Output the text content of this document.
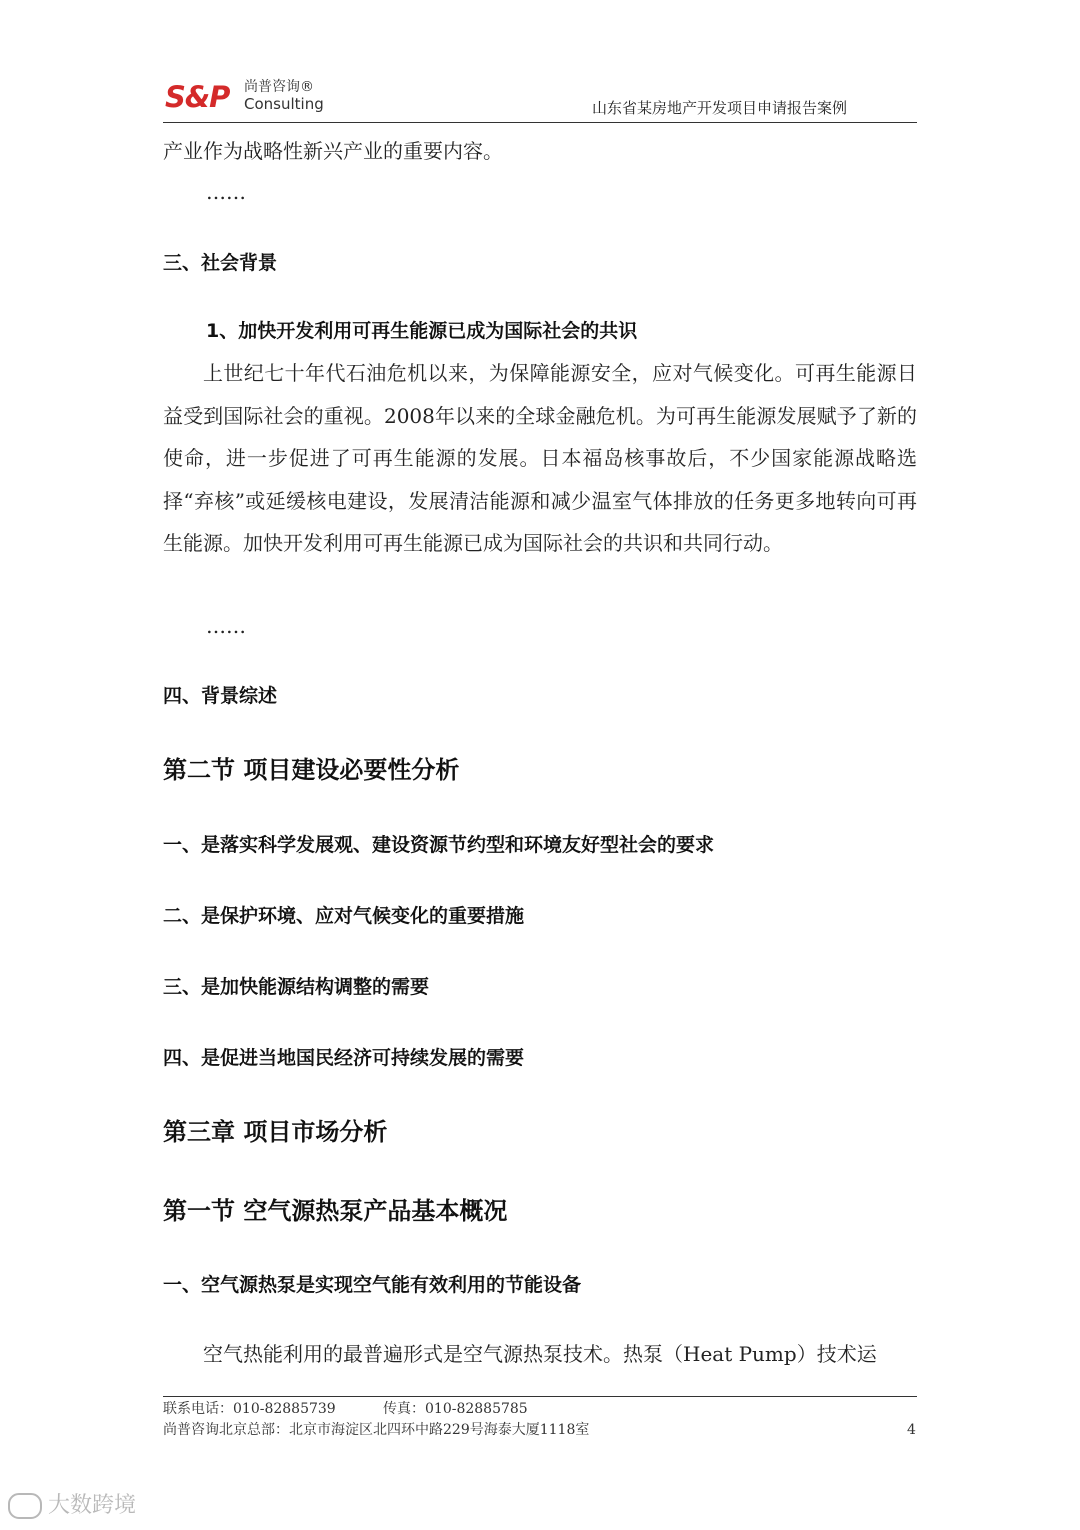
S&P 尚普咨询®
Consulting	山东省某房地产开发项目申请报告案例
产业作为战略性新兴产业的重要内容。
……
三、社会背景
1、加快开发利用可再生能源已成为国际社会的共识
上世纪七十年代石油危机以来，为保障能源安全，应对气候变化。可再生能源日益受到国际社会的重视。2008年以来的全球金融危机。为可再生能源发展赋予了新的使命，进一步促进了可再生能源的发展。日本福岛核事故后，不少国家能源战略选择“弃核”或延缓核电建设，发展清洁能源和减少温室气体排放的任务更多地转向可再生能源。加快开发利用可再生能源已成为国际社会的共识和共同行动。
……
四、背景综述
第二节 项目建设必要性分析
一、是落实科学发展观、建设资源节约型和环境友好型社会的要求
二、是保护环境、应对气候变化的重要措施
三、是加快能源结构调整的需要
四、是促进当地国民经济可持续发展的需要
第三章 项目市场分析
第一节 空气源热泵产品基本概况
一、空气源热泵是实现空气能有效利用的节能设备
空气热能利用的最普遍形式是空气源热泵技术。热泵（Heat Pump）技术运
联系电话：010-82885739	传真：010-82885785
尚普咨询北京总部：北京市海淀区北四环中路229号海泰大厦1118室	4
大数跨境
